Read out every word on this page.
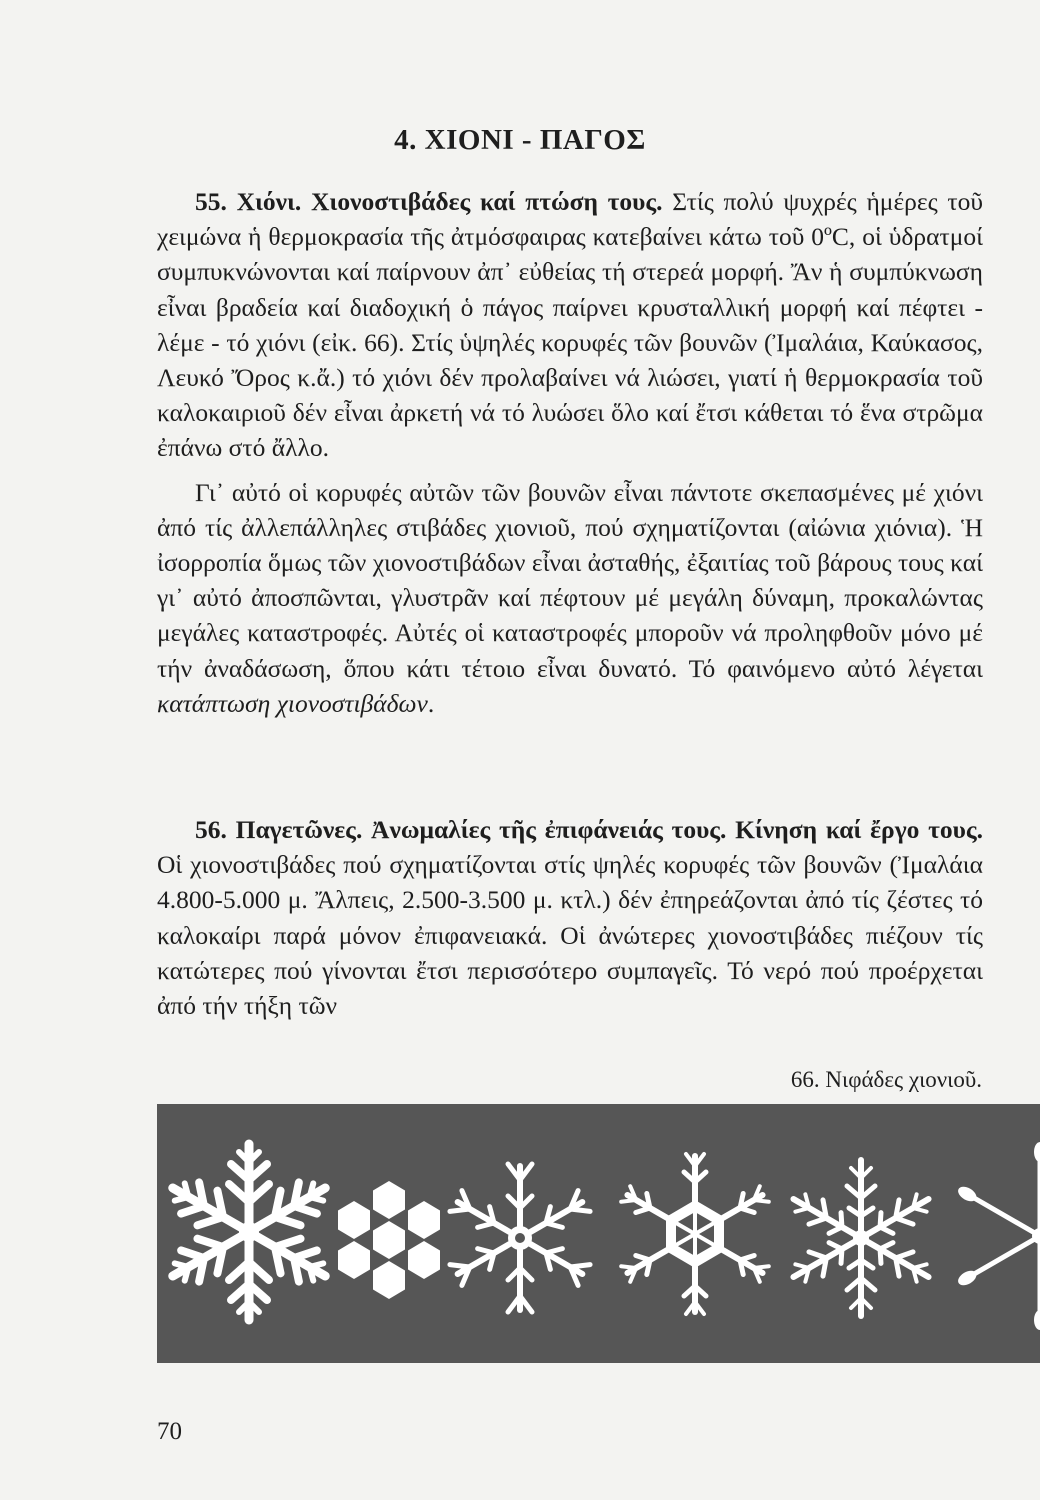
4. ΧΙΟΝΙ - ΠΑΓΟΣ

55. Χιόνι. Χιονοστιβάδες καί πτώση τους. Στίς πολύ ψυχρές ἡμέρες τοῦ χειμώνα ἡ θερμοκρασία τῆς ἀτμόσφαιρας κατεβαίνει κάτω τοῦ 0ºC, οἱ ὑδρατμοί συμπυκνώνονται καί παίρνουν ἀπ᾿ εὐθείας τή στερεά μορφή. Ἄν ἡ συμπύκνωση εἶναι βραδεία καί διαδοχική ὁ πάγος παίρνει κρυσταλλική μορφή καί πέφτει - λέμε - τό χιόνι (εἰκ. 66). Στίς ὑψηλές κορυφές τῶν βουνῶν (Ἰμαλάια, Καύκασος, Λευκό Ὄρος κ.ἄ.) τό χιόνι δέν προλαβαίνει νά λιώσει, γιατί ἡ θερμοκρασία τοῦ καλοκαιριοῦ δέν εἶναι ἀρκετή νά τό λυώσει ὅλο καί ἔτσι κάθεται τό ἕνα στρῶμα ἐπάνω στό ἄλλο.

Γι᾿ αὐτό οἱ κορυφές αὐτῶν τῶν βουνῶν εἶναι πάντοτε σκεπασμένες μέ χιόνι ἀπό τίς ἀλλεπάλληλες στιβάδες χιονιοῦ, πού σχηματίζονται (αἰώνια χιόνια). Ἡ ἰσορροπία ὅμως τῶν χιονοστιβάδων εἶναι ἀσταθής, ἐξαιτίας τοῦ βάρους τους καί γι᾿ αὐτό ἀποσπῶνται, γλυστρᾶν καί πέφτουν μέ μεγάλη δύναμη, προκαλώντας μεγάλες καταστροφές. Αὐτές οἱ καταστροφές μποροῦν νά προληφθοῦν μόνο μέ τήν ἀναδάσωση, ὅπου κάτι τέτοιο εἶναι δυνατό. Τό φαινόμενο αὐτό λέγεται κατάπτωση χιονοστιβάδων.

56. Παγετῶνες. Ἀνωμαλίες τῆς ἐπιφάνειάς τους. Κίνηση καί ἔργο τους. Οἱ χιονοστιβάδες πού σχηματίζονται στίς ψηλές κορυφές τῶν βουνῶν (Ἰμαλάια 4.800-5.000 μ. Ἄλπεις, 2.500-3.500 μ. κτλ.) δέν ἐπηρεάζονται ἀπό τίς ζέστες τό καλοκαίρι παρά μόνον ἐπιφανειακά. Οἱ ἀνώτερες χιονοστιβάδες πιέζουν τίς κατώτερες πού γίνονται ἔτσι περισσότερο συμπαγεῖς. Τό νερό πού προέρχεται ἀπό τήν τήξη τῶν

66. Νιφάδες χιονιοῦ.
70
